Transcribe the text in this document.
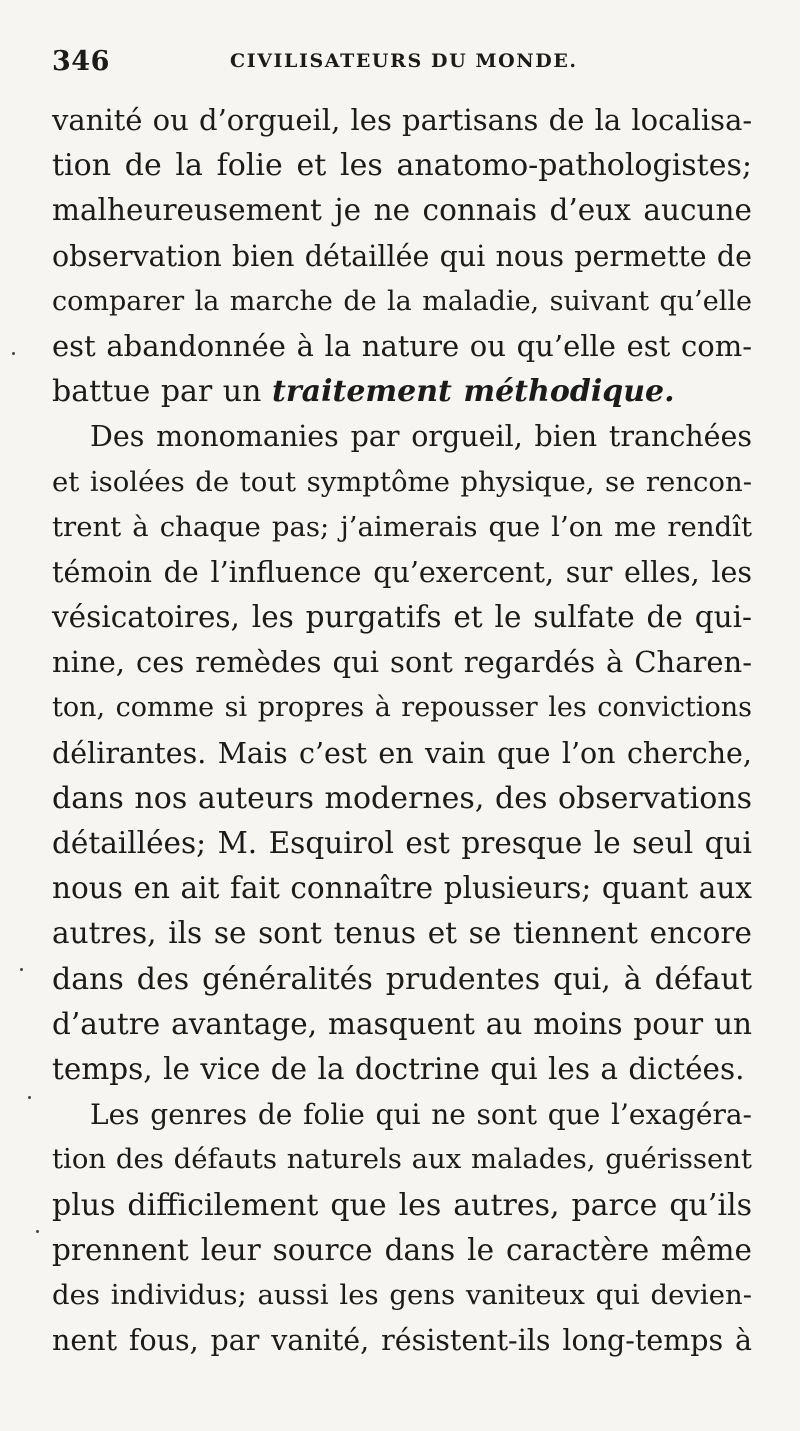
346	CIVILISATEURS DU MONDE.
vanité ou d’orgueil, les partisans de la localisa-
tion de la folie et les anatomo-pathologistes;
malheureusement je ne connais d’eux aucune
observation bien détaillée qui nous permette de
comparer la marche de la maladie, suivant qu’elle
est abandonnée à la nature ou qu’elle est com-
battue par un traitement méthodique.
Des monomanies par orgueil, bien tranchées
et isolées de tout symptôme physique, se rencon-
trent à chaque pas; j’aimerais que l’on me rendît
témoin de l’influence qu’exercent, sur elles, les
vésicatoires, les purgatifs et le sulfate de qui-
nine, ces remèdes qui sont regardés à Charen-
ton, comme si propres à repousser les convictions
délirantes. Mais c’est en vain que l’on cherche,
dans nos auteurs modernes, des observations
détaillées; M. Esquirol est presque le seul qui
nous en ait fait connaître plusieurs; quant aux
autres, ils se sont tenus et se tiennent encore
dans des généralités prudentes qui, à défaut
d’autre avantage, masquent au moins pour un
temps, le vice de la doctrine qui les a dictées.
Les genres de folie qui ne sont que l’exagéra-
tion des défauts naturels aux malades, guérissent
plus difficilement que les autres, parce qu’ils
prennent leur source dans le caractère même
des individus; aussi les gens vaniteux qui devien-
nent fous, par vanité, résistent-ils long-temps à
